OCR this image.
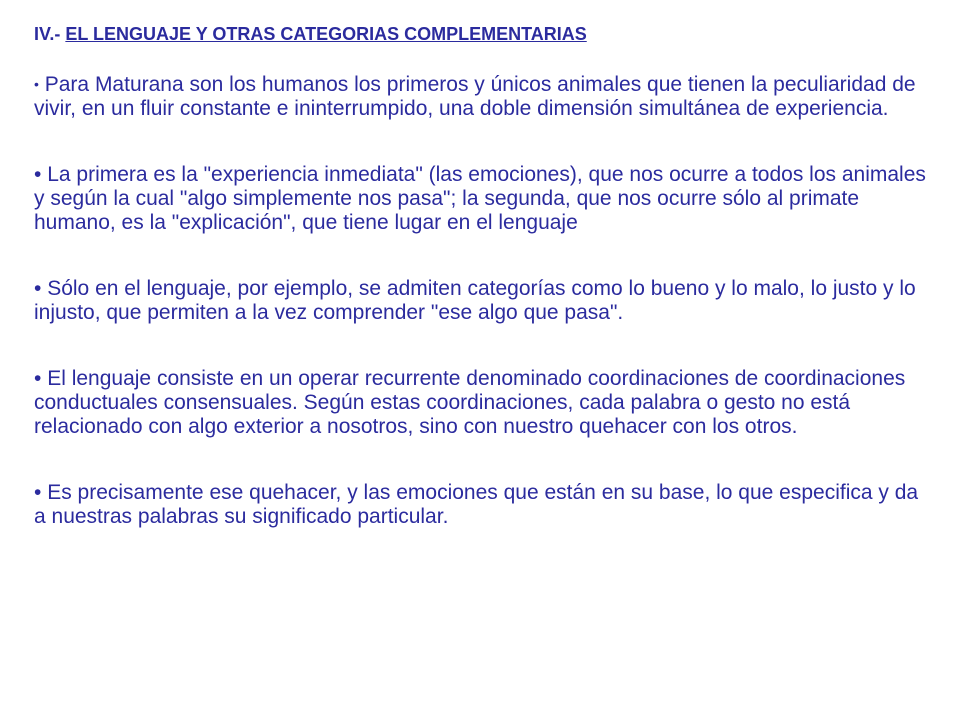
IV.- EL LENGUAJE Y OTRAS CATEGORIAS COMPLEMENTARIAS

• Para Maturana son los humanos los primeros y únicos animales que tienen la peculiaridad de vivir, en un fluir constante e ininterrumpido, una doble dimensión simultánea de experiencia.

• La primera es la "experiencia inmediata" (las emociones), que nos ocurre a todos los animales y según la cual "algo simplemente nos pasa"; la segunda, que nos ocurre sólo al primate humano, es la "explicación", que tiene lugar en el lenguaje

• Sólo en el lenguaje, por ejemplo, se admiten categorías como lo bueno y lo malo, lo justo y lo injusto, que permiten a la vez comprender "ese algo que pasa".

• El lenguaje consiste en un operar recurrente denominado coordinaciones de coordinaciones conductuales consensuales. Según estas coordinaciones, cada palabra o gesto no está relacionado con algo exterior a nosotros, sino con nuestro quehacer con los otros.

• Es precisamente ese quehacer, y las emociones que están en su base, lo que especifica y da a nuestras palabras su significado particular.
